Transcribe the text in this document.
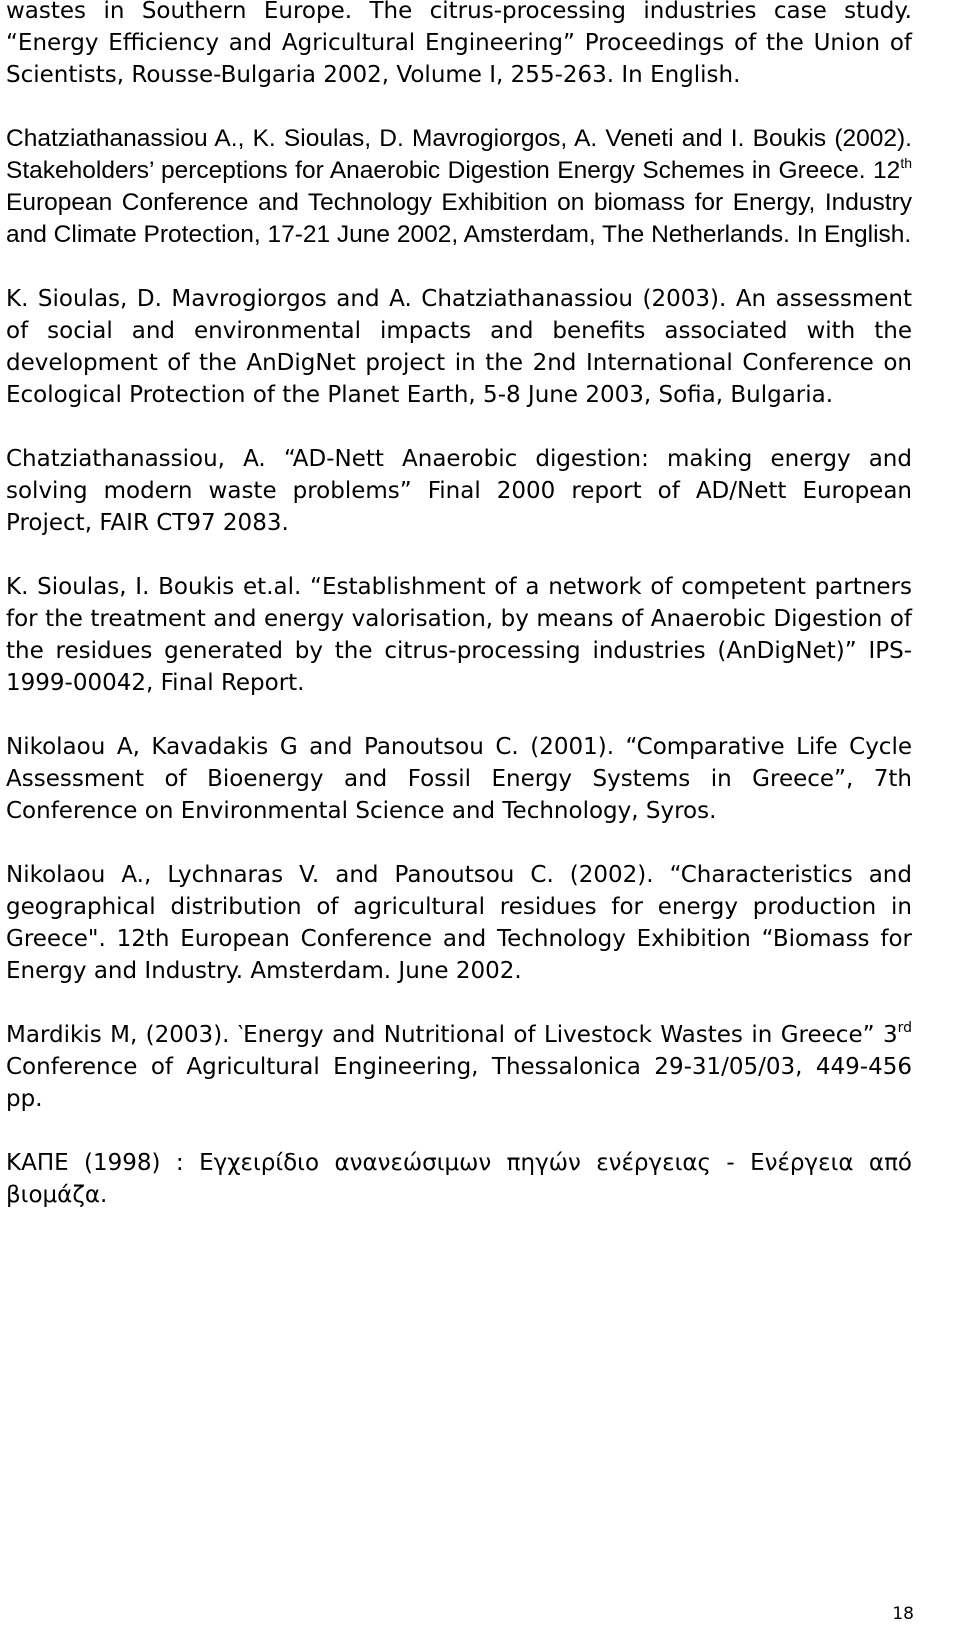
wastes in Southern Europe. The citrus-processing industries case study. “Energy Efficiency and Agricultural Engineering” Proceedings of the Union of Scientists, Rousse-Bulgaria 2002, Volume I, 255-263. In English.

Chatziathanassiou A., K. Sioulas, D. Mavrogiorgos, A. Veneti and I. Boukis (2002). Stakeholders’ perceptions for Anaerobic Digestion Energy Schemes in Greece. 12th European Conference and Technology Exhibition on biomass for Energy, Industry and Climate Protection, 17-21 June 2002, Amsterdam, The Netherlands. In English.

K. Sioulas, D. Mavrogiorgos and A. Chatziathanassiou (2003). An assessment of social and environmental impacts and benefits associated with the development of the AnDigNet project in the 2nd International Conference on Ecological Protection of the Planet Earth, 5-8 June 2003, Sofia, Bulgaria.

Chatziathanassiou, A. “AD-Nett Anaerobic digestion: making energy and solving modern waste problems” Final 2000 report of AD/Nett European Project, FAIR CT97 2083.

K. Sioulas, I. Boukis et.al. “Establishment of a network of competent partners for the treatment and energy valorisation, by means of Anaerobic Digestion of the residues generated by the citrus-processing industries (AnDigNet)” IPS-1999-00042, Final Report.

Nikolaou A, Kavadakis G and Panoutsou C. (2001). “Comparative Life Cycle Assessment of Bioenergy and Fossil Energy Systems in Greece”, 7th Conference on Environmental Science and Technology, Syros.

Nikolaou A., Lychnaras V. and Panoutsou C. (2002). “Characteristics and geographical distribution of agricultural residues for energy production in Greece". 12th European Conference and Technology Exhibition “Biomass for Energy and Industry. Amsterdam. June 2002.

Mardikis M, (2003). ‵Energy and Nutritional of Livestock Wastes in Greece” 3rd Conference of Agricultural Engineering, Thessalonica 29-31/05/03, 449-456 pp.

ΚΑΠΕ (1998) : Εγχειρίδιο ανανεώσιμων πηγών ενέργειας - Ενέργεια από βιομάζα.

18
